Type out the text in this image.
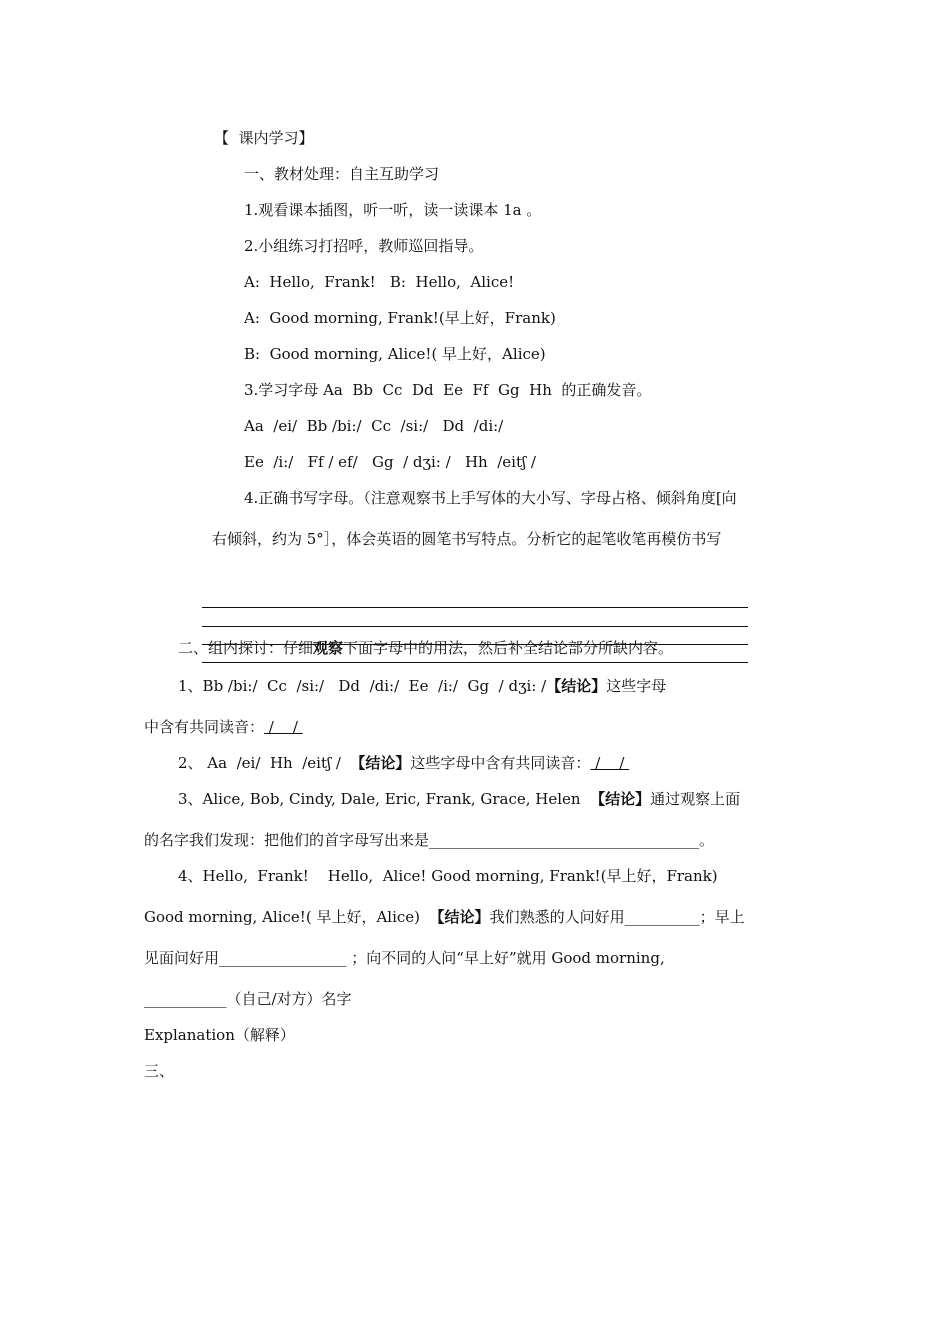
【  课内学习】
一、教材处理：自主互助学习
1.观看课本插图，听一听，读一读课本 1a 。
2.小组练习打招呼，教师巡回指导。
A:  Hello,  Frank!   B:  Hello,  Alice!
A:  Good morning, Frank!(早上好，Frank)
B:  Good morning, Alice!( 早上好，Alice)
3.学习字母 Aa  Bb  Cc  Dd  Ee  Ff  Gg  Hh  的正确发音。
Aa  /ei/  Bb /bi:/  Cc  /si:/   Dd  /di:/
Ee  /i:/   Ff / ef/   Gg  / dʒi: /   Hh  /eitʃ /
4.正确书写字母。（注意观察书上手写体的大小写、字母占格、倾斜角度[向
右倾斜，约为 5°］，体会英语的圆笔书写特点。分析它的起笔收笔再模仿书写
二、组内探讨：仔细观察下面字母中的用法，然后补全结论部分所缺内容。
1、Bb /bi:/  Cc  /si:/   Dd  /di:/  Ee  /i:/  Gg  / dʒi: /【结论】这些字母
中含有共同读音： /    /
2、 Aa  /ei/  Hh  /eitʃ /  【结论】这些字母中含有共同读音： /    /
3、Alice, Bob, Cindy, Dale, Eric, Frank, Grace, Helen  【结论】通过观察上面
的名字我们发现：把他们的首字母写出来是____________________________________。
4、Hello,  Frank!    Hello,  Alice! Good morning, Frank!(早上好，Frank)
Good morning, Alice!( 早上好，Alice)  【结论】我们熟悉的人问好用__________；早上
见面问好用_________________ ；向不同的人问“早上好”就用 Good morning,
___________（自己/对方）名字
Explanation（解释）
三、
